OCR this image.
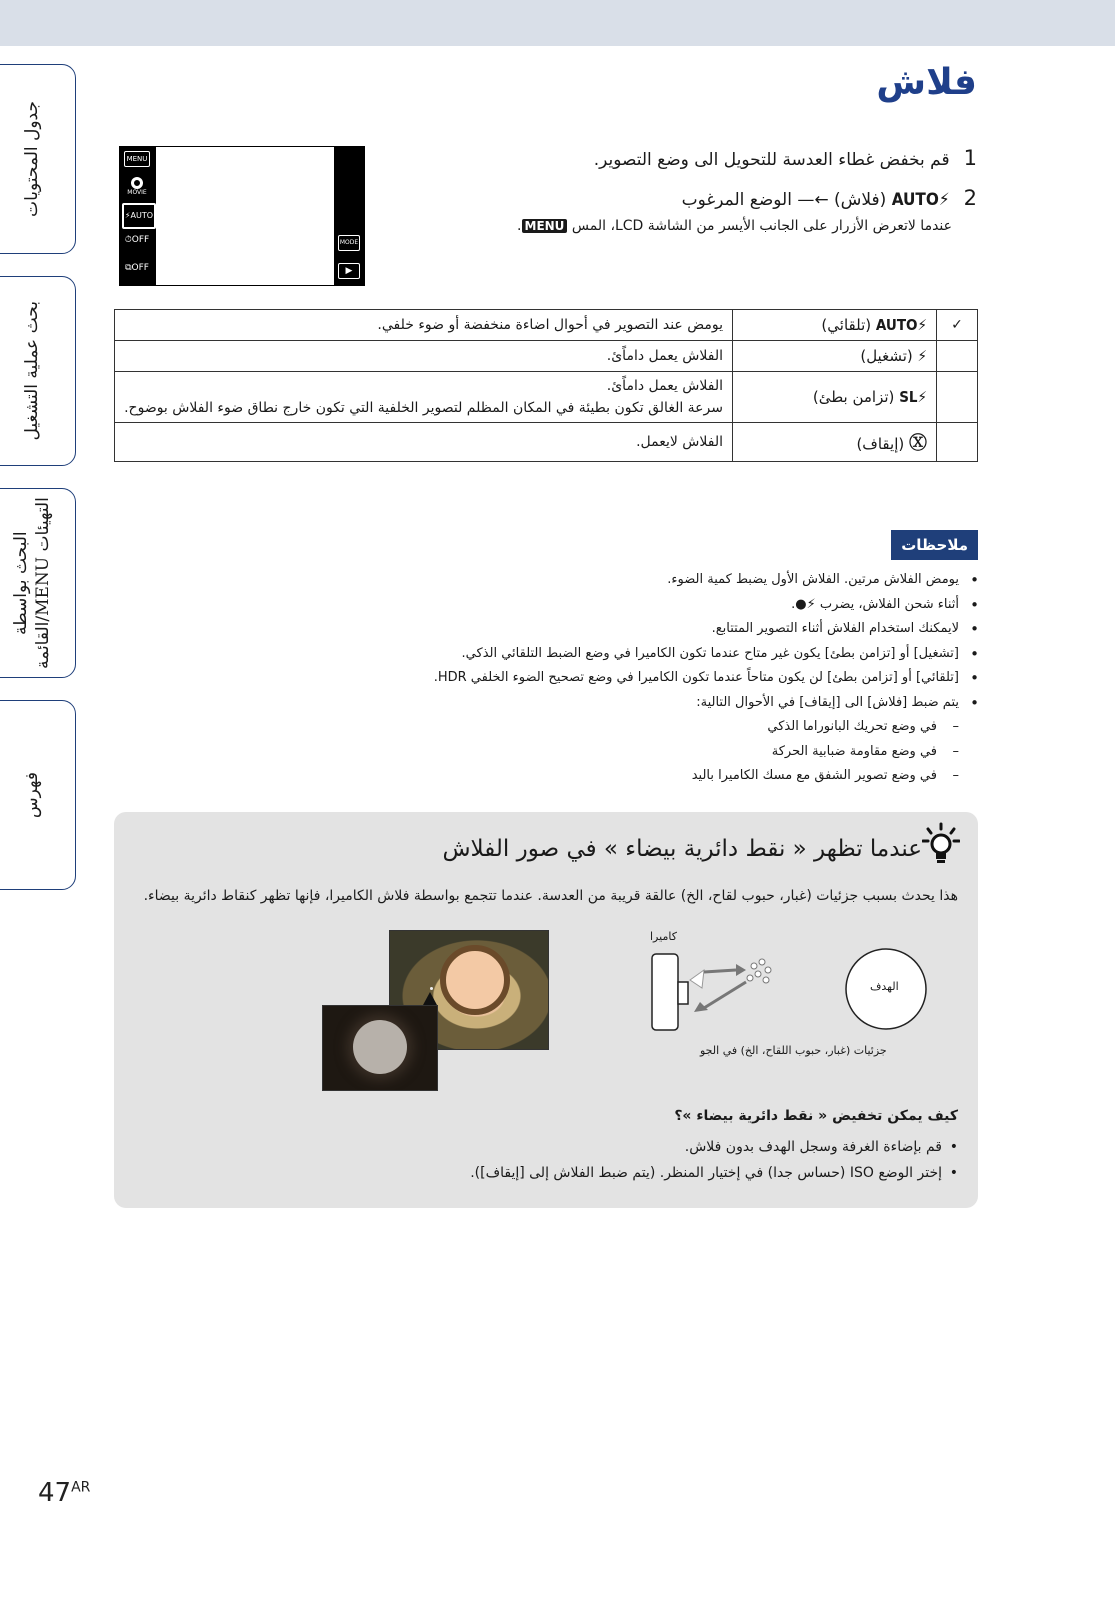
جدول المحتويات
بحث عملية التشغيل
البحث بواسطة القائمة/MENU التهيئات
فهرس
فلاش
1قم بخفض غطاء العدسة للتحويل الى وضع التصوير.
2⚡AUTO (فلاش) ←— الوضع المرغوب
عندما لاتعرض الأزرار على الجانب الأيسر من الشاشة LCD، المس MENU.
MENU
MOVIE
⚡AUTO
⏱OFF
⧉OFF
MODE
▶
✓	⚡AUTO (تلقائي)	يومض عند التصوير في أحوال اضاءة منخفضة أو ضوء خلفي.

	⚡ (تشغيل)	الفلاش يعمل داماًئ.

	⚡SL (تزامن بطئ)	الفلاش يعمل داماًئ.
سرعة الغالق تكون بطيئة في المكان المظلم لتصوير الخلفية التي تكون خارج نطاق ضوء الفلاش بوضوح.

	Ⓧ (إيقاف)	الفلاش لايعمل.
ملاحظات
• يومض الفلاش مرتين. الفلاش الأول يضبط كمية الضوء.
• أثناء شحن الفلاش، يضرب ⚡●.
• لايمكنك استخدام الفلاش أثناء التصوير المتتابع.
• [تشغيل] أو [تزامن بطئ] يكون غير متاح عندما تكون الكاميرا في وضع الضبط التلقائي الذكي.
• [تلقائي] أو [تزامن بطئ] لن يكون متاحاً عندما تكون الكاميرا في وضع تصحيح الضوء الخلفي HDR.
• يتم ضبط [فلاش] الى [إيقاف] في الأحوال التالية:
– في وضع تحريك البانوراما الذكي
– في وضع مقاومة ضبابية الحركة
– في وضع تصوير الشفق مع مسك الكاميرا باليد
عندما تظهر « نقط دائرية بيضاء » في صور الفلاش
هذا يحدث بسبب جزئيات (غبار، حبوب لقاح، الخ) عالقة قريبة من العدسة. عندما تتجمع بواسطة فلاش الكاميرا، فإنها تظهر كنقاط دائرية بيضاء.
كاميرا
الهدف
جزئيات (غبار، حبوب اللقاح، الخ) في الجو
كيف يمكن تخفيض « نقط دائرية بيضاء »؟
• قم بإضاءة الغرفة وسجل الهدف بدون فلاش.
• إختر الوضع ISO (حساس جدا) في إختيار المنظر. (يتم ضبط الفلاش إلى [إيقاف]).
$47^{AR}$
